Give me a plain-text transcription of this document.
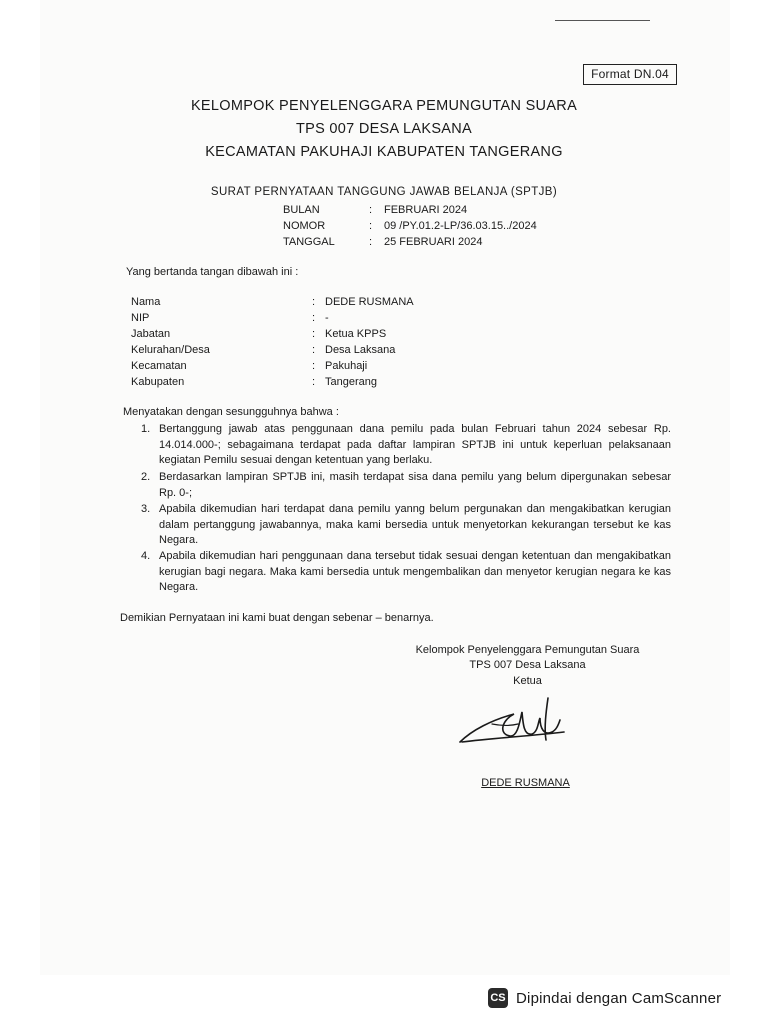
Format DN.04
KELOMPOK PENYELENGGARA PEMUNGUTAN SUARA
TPS 007 DESA LAKSANA
KECAMATAN PAKUHAJI KABUPATEN TANGERANG
SURAT PERNYATAAN TANGGUNG JAWAB BELANJA (SPTJB)
BULAN	: FEBRUARI 2024
NOMOR	: 09 /PY.01.2-LP/36.03.15../2024
TANGGAL	: 25 FEBRUARI 2024
Yang bertanda tangan dibawah ini :
Nama	: DEDE RUSMANA
NIP	: -
Jabatan	: Ketua KPPS
Kelurahan/Desa	: Desa Laksana
Kecamatan	: Pakuhaji
Kabupaten	: Tangerang
Menyatakan dengan sesungguhnya bahwa :
1. Bertanggung jawab atas penggunaan dana pemilu pada bulan Februari tahun 2024 sebesar Rp. 14.014.000-; sebagaimana terdapat pada daftar lampiran SPTJB ini untuk keperluan pelaksanaan kegiatan Pemilu sesuai dengan ketentuan yang berlaku.
2. Berdasarkan lampiran SPTJB ini, masih terdapat sisa dana pemilu yang belum dipergunakan sebesar Rp. 0-;
3. Apabila dikemudian hari terdapat dana pemilu yanng belum pergunakan dan mengakibatkan kerugian dalam pertanggung jawabannya, maka kami bersedia untuk menyetorkan kekurangan tersebut ke kas Negara.
4. Apabila dikemudian hari penggunaan dana tersebut tidak sesuai dengan ketentuan dan mengakibatkan kerugian bagi negara. Maka kami bersedia untuk mengembalikan dan menyetor kerugian negara ke kas Negara.
Demikian Pernyataan ini kami buat dengan sebenar – benarnya.
Kelompok Penyelenggara Pemungutan Suara
TPS 007 Desa Laksana
Ketua
DEDE RUSMANA
CS Dipindai dengan CamScanner
